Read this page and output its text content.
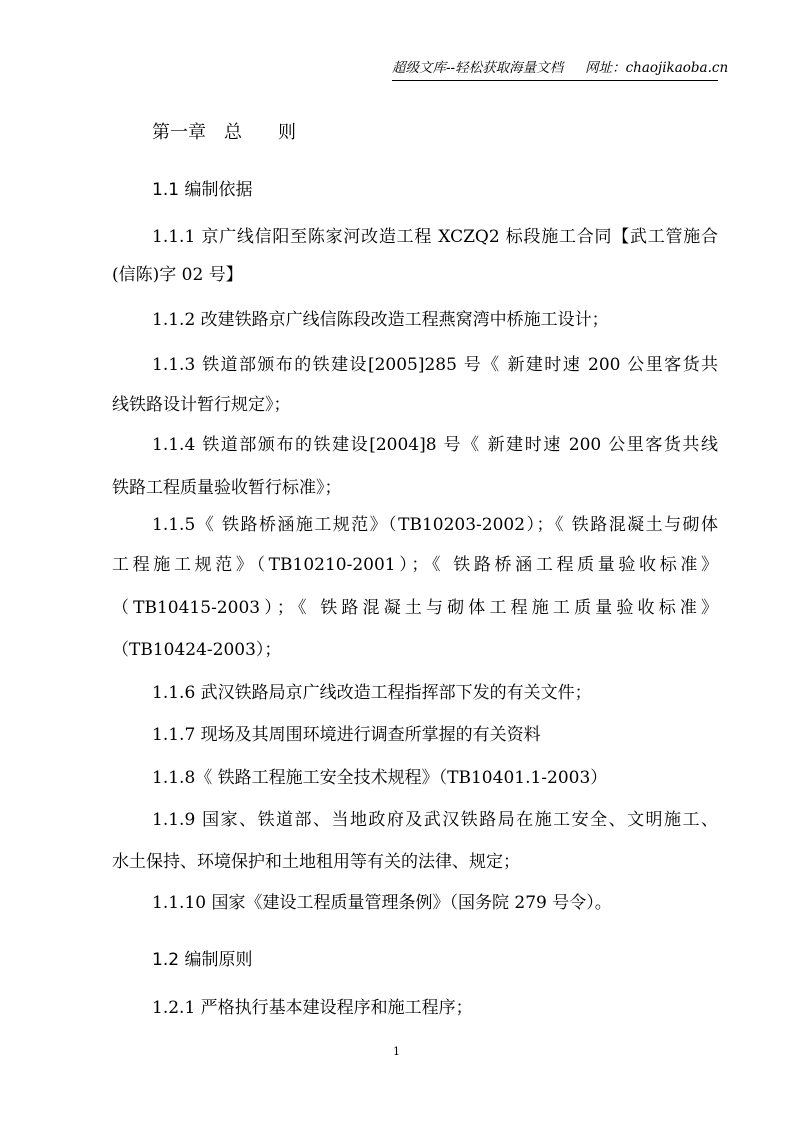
超级文库--轻松获取海量文档 网址：chaojikaoba.cn
第一章　总　　则
1.1 编制依据
1.1.1 京广线信阳至陈家河改造工程 XCZQ2 标段施工合同【武工管施合
(信陈)字 02 号】
1.1.2 改建铁路京广线信陈段改造工程燕窝湾中桥施工设计；
1.1.3 铁道部颁布的铁建设[2005]285 号《 新建时速 200 公里客货共
线铁路设计暂行规定》；
1.1.4 铁道部颁布的铁建设[2004]8 号《 新建时速 200 公里客货共线
铁路工程质量验收暂行标准》；
1.1.5《 铁路桥涵施工规范》（TB10203-2002）；《 铁路混凝土与砌体
工程施工规范》（TB10210-2001）；《 铁路桥涵工程质量验收标准》
（TB10415-2003）；《 铁路混凝土与砌体工程施工质量验收标准》
（TB10424-2003）；
1.1.6 武汉铁路局京广线改造工程指挥部下发的有关文件；
1.1.7 现场及其周围环境进行调查所掌握的有关资料
1.1.8《 铁路工程施工安全技术规程》（TB10401.1-2003）
1.1.9 国家、铁道部、当地政府及武汉铁路局在施工安全、文明施工、
水土保持、环境保护和土地租用等有关的法律、规定；
1.1.10 国家《建设工程质量管理条例》（国务院 279 号令）。
1.2 编制原则
1.2.1 严格执行基本建设程序和施工程序；
1
